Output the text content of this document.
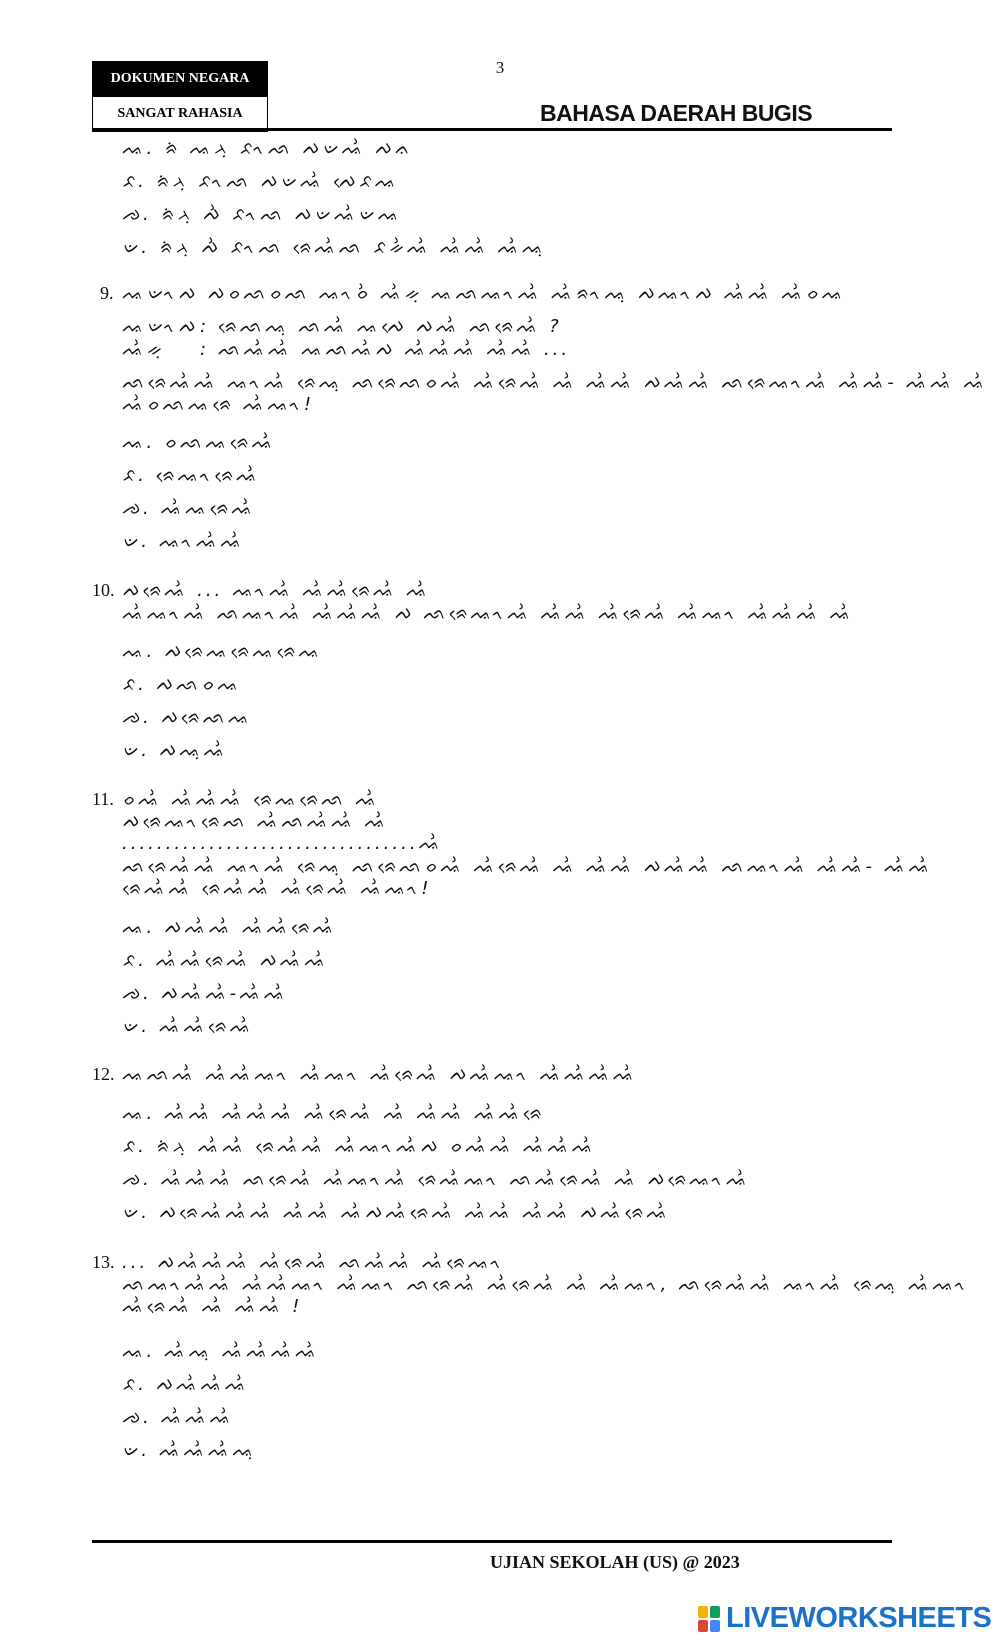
DOKUMEN NEGARA
SANGAT RAHASIA
3
BAHASA DAERAH BUGIS
ᨕ. ᨑᨗ ᨕᨂᨘ ᨅᨚᨒ ᨄᨉᨕᨛ ᨄᨊ
ᨅ. ᨑᨗᨂᨘ ᨅᨚᨒ ᨄᨉᨕᨛ ᨄᨙᨅᨕ
ᨌ. ᨑᨗᨂᨘ ᨄᨛ ᨅᨚᨒ ᨄᨉᨕᨛᨉᨕ
ᨉ. ᨑᨗᨂᨘ ᨄᨛ ᨅᨚᨒ ᨑᨙᨕᨛᨒ ᨅᨀᨛᨕᨛ ᨕᨛᨕᨛ ᨕᨛᨕᨘ
9. ᨕᨉᨚᨄ ᨄᨔᨒᨔᨒ ᨕᨚᨔᨛ ᨕᨛᨀᨘ ᨕᨒᨕᨚᨕᨛ ᨕᨛᨑᨚᨕᨘ ᨄᨕᨚᨄ ᨕᨛᨕᨛ ᨕᨛᨔᨕ
ᨕᨉᨚᨄ : ᨑᨙᨒᨕᨘ ᨒᨕᨛ ᨕᨄᨙ ᨄᨕᨛ ᨒᨑᨙᨕᨛ ?
ᨕᨛᨀᨘ : ᨒᨕᨛᨕᨛ ᨕᨒᨕᨛᨄ ᨕᨛᨕᨛᨕᨛ ᨕᨛᨕᨛ ...
ᨒᨑᨙᨕᨛᨕᨛ ᨕᨚᨕᨛ ᨑᨙᨕᨘ ᨒᨑᨙᨒᨔᨕᨛ ᨕᨛᨑᨙᨕᨛ ᨕᨛ ᨕᨛᨕᨛ ᨄᨕᨛᨕᨛ ᨒᨑᨙᨕᨚᨕᨛ ᨕᨛᨕᨛ- ᨕᨛᨕᨛ ᨕᨛ
ᨕᨛᨔᨒᨕᨑᨙ ᨕᨛᨕᨚ!
ᨕ. ᨔᨒᨕᨑᨙᨕᨛ
ᨅ. ᨑᨙᨕᨚᨑᨙᨕᨛ
ᨌ. ᨕᨛᨕᨑᨙᨕᨛ
ᨉ. ᨕᨚᨕᨛᨕᨛ
10. ᨄᨑᨙᨕᨛ ... ᨕᨚᨕᨛ ᨕᨛᨕᨛᨑᨙᨕᨛ ᨕᨛ
ᨕᨛᨕᨚᨕᨛ ᨒᨕᨚᨕᨛ ᨕᨛᨕᨛᨕᨛ ᨄ ᨒᨑᨙᨕᨚᨕᨛ ᨕᨛᨕᨛ ᨕᨛᨑᨙᨕᨛ ᨕᨛᨕᨚ ᨕᨛᨕᨛᨕᨛ ᨕᨛ
ᨕ. ᨄᨑᨙᨕᨑᨙᨕᨑᨙᨕ
ᨅ. ᨄᨒᨔᨕ
ᨌ. ᨄᨑᨙᨒᨕ
ᨉ. ᨄᨕᨘᨕᨛ
11. ᨔᨕᨛ ᨕᨛᨕᨛᨕᨛ ᨑᨙᨕᨑᨙᨒ ᨕᨛ
ᨄᨑᨙᨕᨚᨑᨙᨒ ᨕᨛᨒᨕᨛᨕᨛ ᨕᨛ
..................................ᨕᨛ
ᨒᨑᨙᨕᨛᨕᨛ ᨕᨚᨕᨛ ᨑᨙᨕᨘ ᨒᨑᨙᨒᨔᨕᨛ ᨕᨛᨑᨙᨕᨛ ᨕᨛ ᨕᨛᨕᨛ ᨄᨕᨛᨕᨛ ᨒᨕᨚᨕᨛ ᨕᨛᨕᨛ- ᨕᨛᨕᨛ
ᨑᨙᨕᨛᨕᨛ ᨑᨙᨕᨛᨕᨛ ᨕᨛᨑᨙᨕᨛ ᨕᨛᨕᨚ!
ᨕ. ᨄᨕᨛᨕᨛ ᨕᨛᨕᨛᨑᨙᨕᨛ
ᨅ. ᨕᨛᨕᨛᨑᨙᨕᨛ ᨄᨕᨛᨕᨛ
ᨌ. ᨄᨕᨛᨕᨛ-ᨕᨛᨕᨛ
ᨉ. ᨕᨛᨕᨛᨑᨙᨕᨛ
12. ᨕᨒᨕᨛ ᨕᨛᨕᨛᨕᨚ ᨕᨛᨕᨚ ᨕᨛᨑᨙᨕᨛ ᨄᨕᨛᨕᨚ ᨕᨛᨕᨛᨕᨛᨕᨛ
ᨕ. ᨕᨛᨕᨛ ᨕᨛᨕᨛᨕᨛ ᨕᨛᨑᨙᨕᨛ ᨕᨛ ᨕᨛᨕᨛ ᨕᨛᨕᨛᨑᨙ
ᨅ. ᨑᨗᨂᨘ ᨕᨛᨕᨛ ᨑᨙᨕᨛᨕᨛ ᨕᨛᨕᨚᨕᨛᨄ ᨔᨕᨛᨕᨛ ᨕᨛᨕᨛᨕᨛ
ᨌ. ᨕᨛᨕᨛᨕᨛ ᨒᨑᨙᨕᨛ ᨕᨛᨕᨚᨕᨛ ᨑᨙᨕᨛᨕᨚ ᨒᨕᨛᨑᨙᨕᨛ ᨕᨛ ᨄᨑᨙᨕᨚᨕᨛ
ᨉ. ᨄᨑᨙᨕᨛᨕᨛᨕᨛ ᨕᨛᨕᨛ ᨕᨛᨄᨕᨛᨑᨙᨕᨛ ᨕᨛᨕᨛ ᨕᨛᨕᨛ ᨄᨕᨛᨑᨙᨕᨛ
13. ... ᨄᨕᨛᨕᨛᨕᨛ ᨕᨛᨑᨙᨕᨛ ᨒᨕᨛᨕᨛ ᨕᨛᨑᨙᨕᨚ
ᨒᨕᨚᨕᨛᨕᨛ ᨕᨛᨕᨛᨕᨚ ᨕᨛᨕᨚ ᨒᨑᨙᨕᨛ ᨕᨛᨑᨙᨕᨛ ᨕᨛ ᨕᨛᨕᨚ, ᨒᨑᨙᨕᨛᨕᨛ ᨕᨚᨕᨛ ᨑᨙᨕᨘ ᨕᨛᨕᨚ
ᨕᨛᨑᨙᨕᨛ ᨕᨛ ᨕᨛᨕᨛ !
ᨕ. ᨕᨛᨕᨘ ᨕᨛᨕᨛᨕᨛᨕᨛ
ᨅ. ᨄᨕᨛᨕᨛᨕᨛ
ᨌ. ᨕᨛᨕᨛᨕᨛ
ᨉ. ᨕᨛᨕᨛᨕᨛᨕᨘ
UJIAN SEKOLAH (US) @ 2023
LIVEWORKSHEETS
